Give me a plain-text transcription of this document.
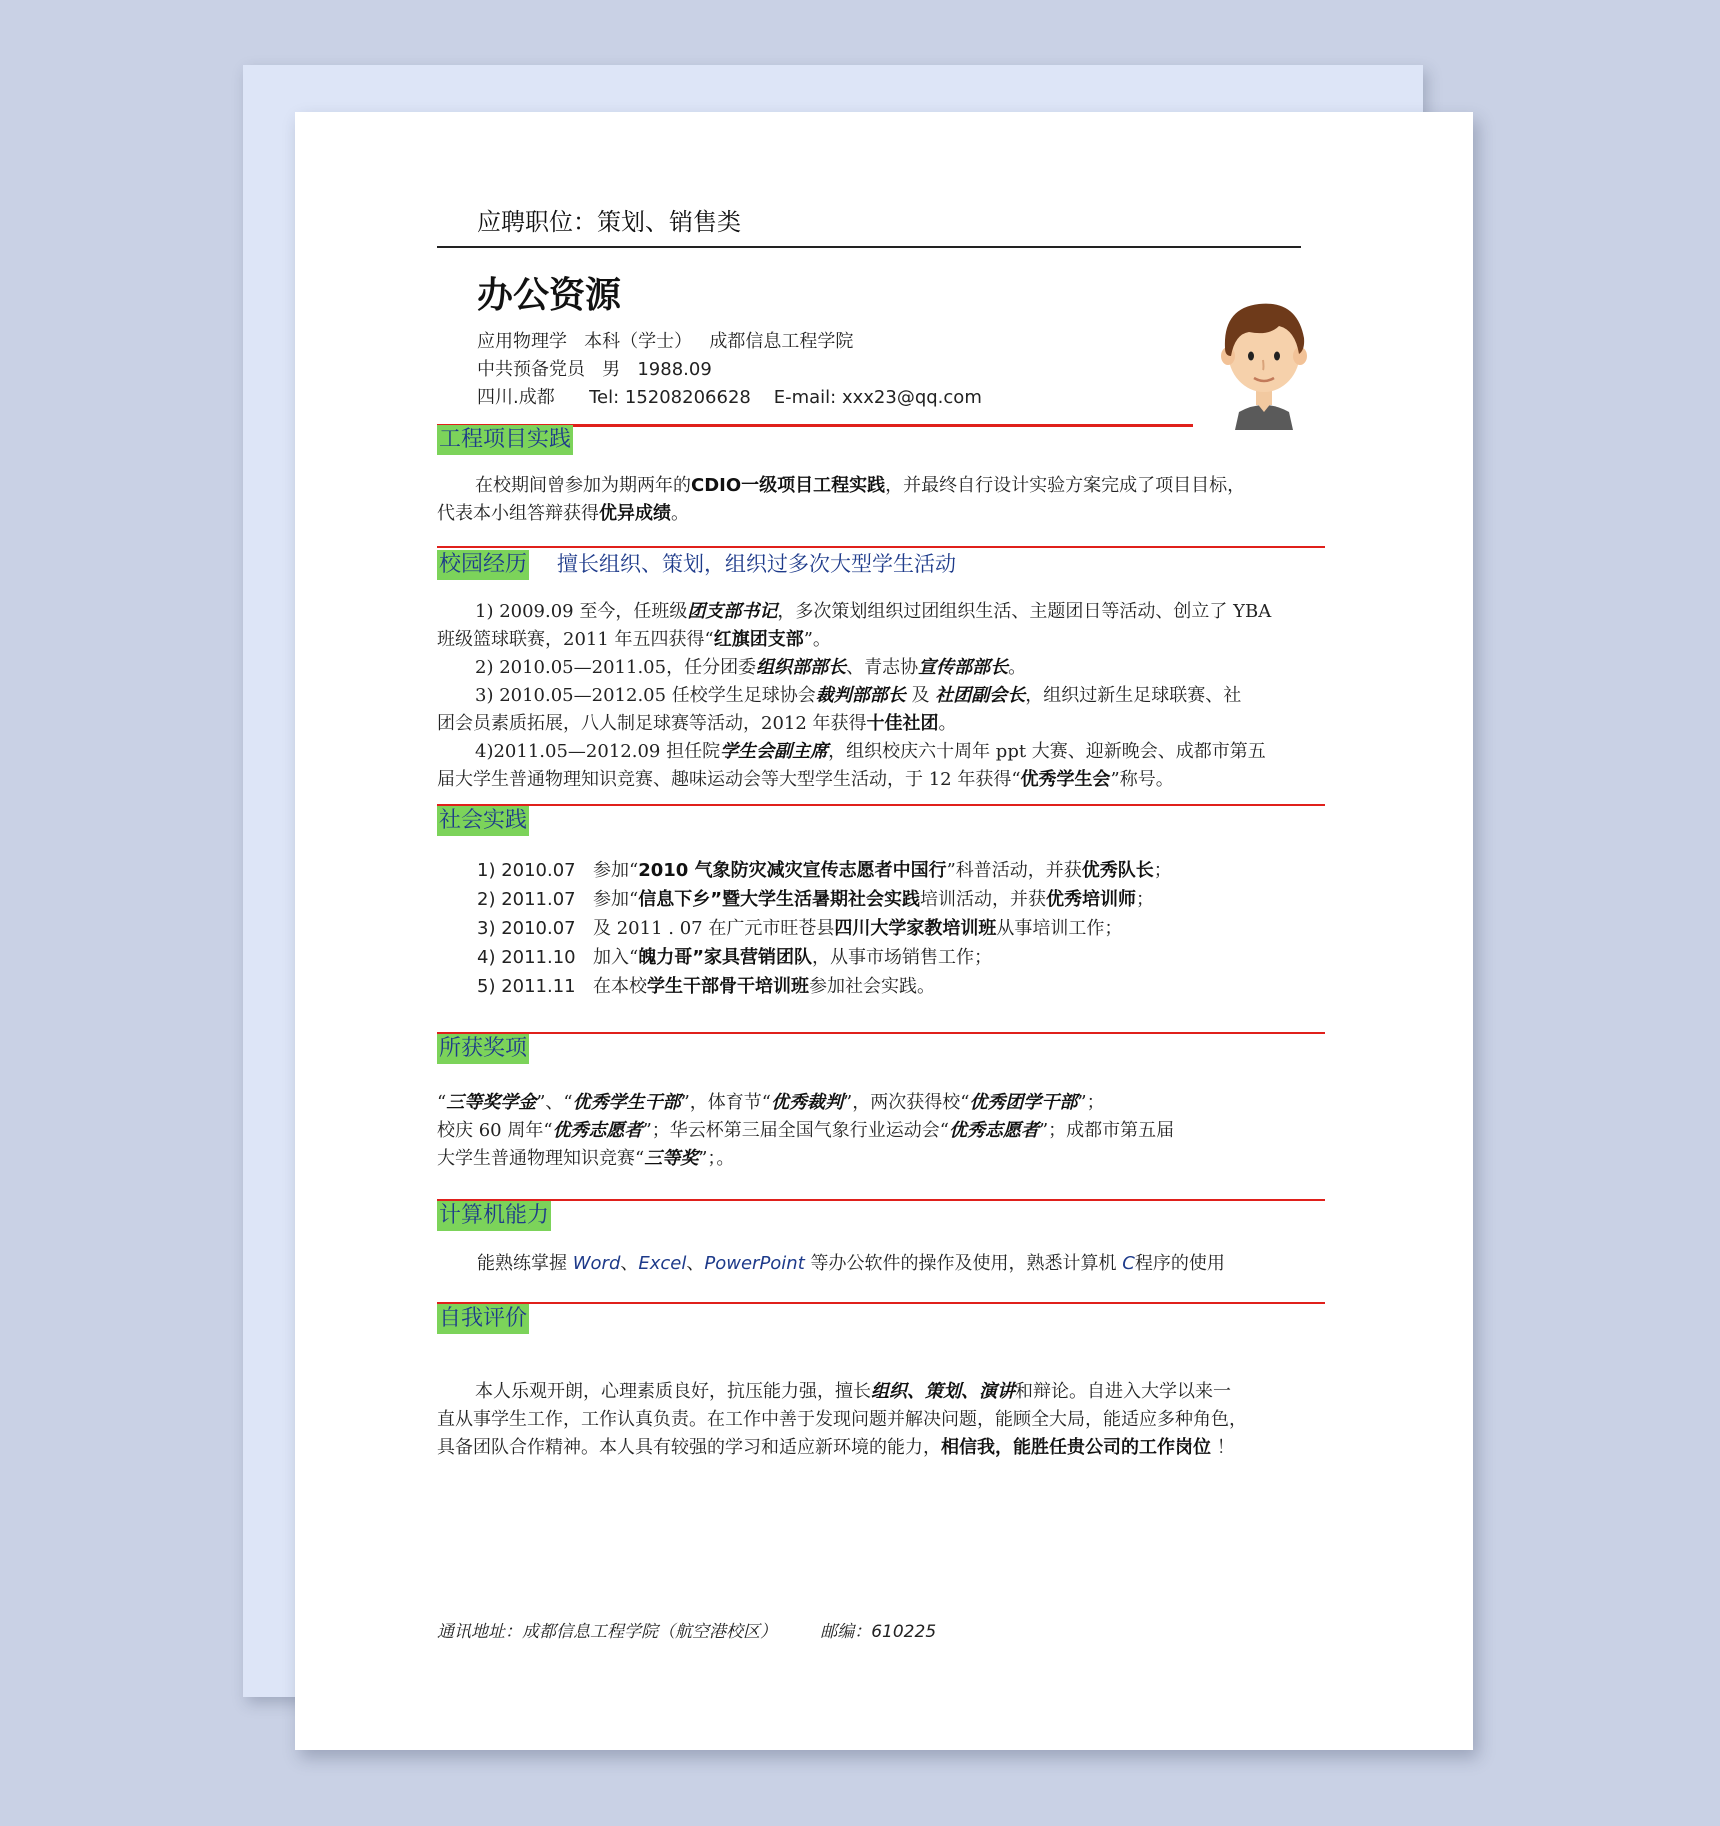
应聘职位：策划、销售类
办公资源
应用物理学 本科（学士） 成都信息工程学院
中共预备党员 男 1988.09
四川.成都 Tel: 15208206628 E-mail: xxx23@qq.com
工程项目实践
在校期间曾参加为期两年的CDIO一级项目工程实践，并最终自行设计实验方案完成了项目目标，
代表本小组答辩获得优异成绩。
校园经历 擅长组织、策划，组织过多次大型学生活动
1) 2009.09 至今，任班级团支部书记，多次策划组织过团组织生活、主题团日等活动、创立了 YBA
班级篮球联赛，2011 年五四获得“红旗团支部”。
2) 2010.05—2011.05，任分团委组织部部长、青志协宣传部部长。
3) 2010.05—2012.05 任校学生足球协会裁判部部长 及 社团副会长，组织过新生足球联赛、社
团会员素质拓展，八人制足球赛等活动，2012 年获得十佳社团。
4)2011.05—2012.09 担任院学生会副主席，组织校庆六十周年 ppt 大赛、迎新晚会、成都市第五
届大学生普通物理知识竞赛、趣味运动会等大型学生活动，于 12 年获得“优秀学生会”称号。
社会实践
1) 2010.07 参加“2010 气象防灾减灾宣传志愿者中国行”科普活动，并获优秀队长；
2) 2011.07 参加“信息下乡”暨大学生活暑期社会实践培训活动，并获优秀培训师；
3) 2010.07 及 2011 . 07 在广元市旺苍县四川大学家教培训班从事培训工作；
4) 2011.10 加入“魄力哥”家具营销团队，从事市场销售工作；
5) 2011.11 在本校学生干部骨干培训班参加社会实践。
所获奖项
“三等奖学金”、“优秀学生干部”，体育节“优秀裁判”，两次获得校“优秀团学干部”；
校庆 60 周年“优秀志愿者”；华云杯第三届全国气象行业运动会“优秀志愿者”；成都市第五届
大学生普通物理知识竞赛“三等奖”；。
计算机能力
能熟练掌握 Word、Excel、PowerPoint 等办公软件的操作及使用，熟悉计算机 C程序的使用
自我评价
本人乐观开朗，心理素质良好，抗压能力强，擅长组织、策划、演讲和辩论。自进入大学以来一
直从事学生工作，工作认真负责。在工作中善于发现问题并解决问题，能顾全大局，能适应多种角色，
具备团队合作精神。本人具有较强的学习和适应新环境的能力，相信我，能胜任贵公司的工作岗位 ！
通讯地址：成都信息工程学院（航空港校区）	邮编：610225
